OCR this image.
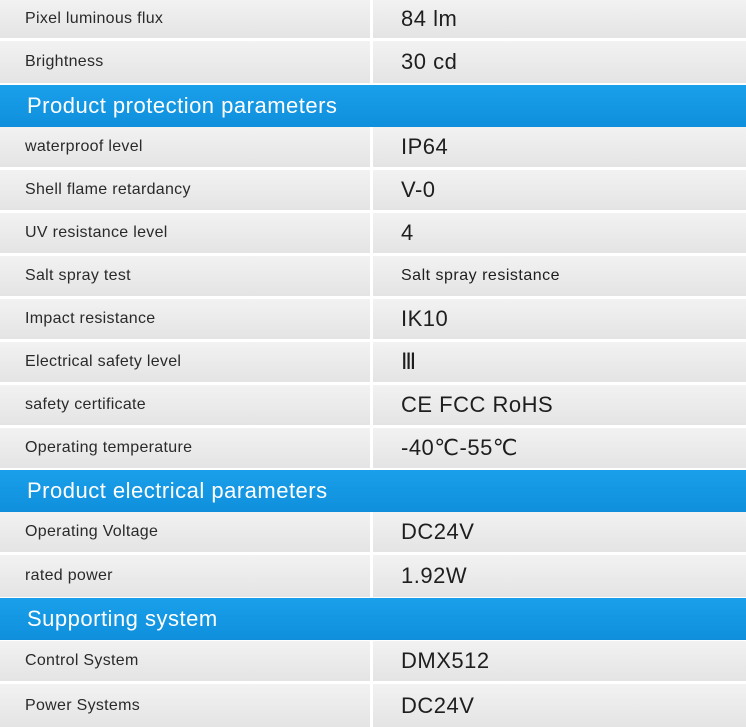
Pixel luminous flux	84 lm
Brightness	30 cd
Product protection parameters
waterproof level	IP64
Shell flame retardancy	V-0
UV resistance level	4
Salt spray test	Salt spray resistance
Impact resistance	IK10
Electrical safety level	Ⅲ
safety certificate	CE FCC RoHS
Operating temperature	-40℃-55℃
Product electrical parameters
Operating Voltage	DC24V
rated power	1.92W
Supporting system
Control System	DMX512
Power Systems	DC24V
